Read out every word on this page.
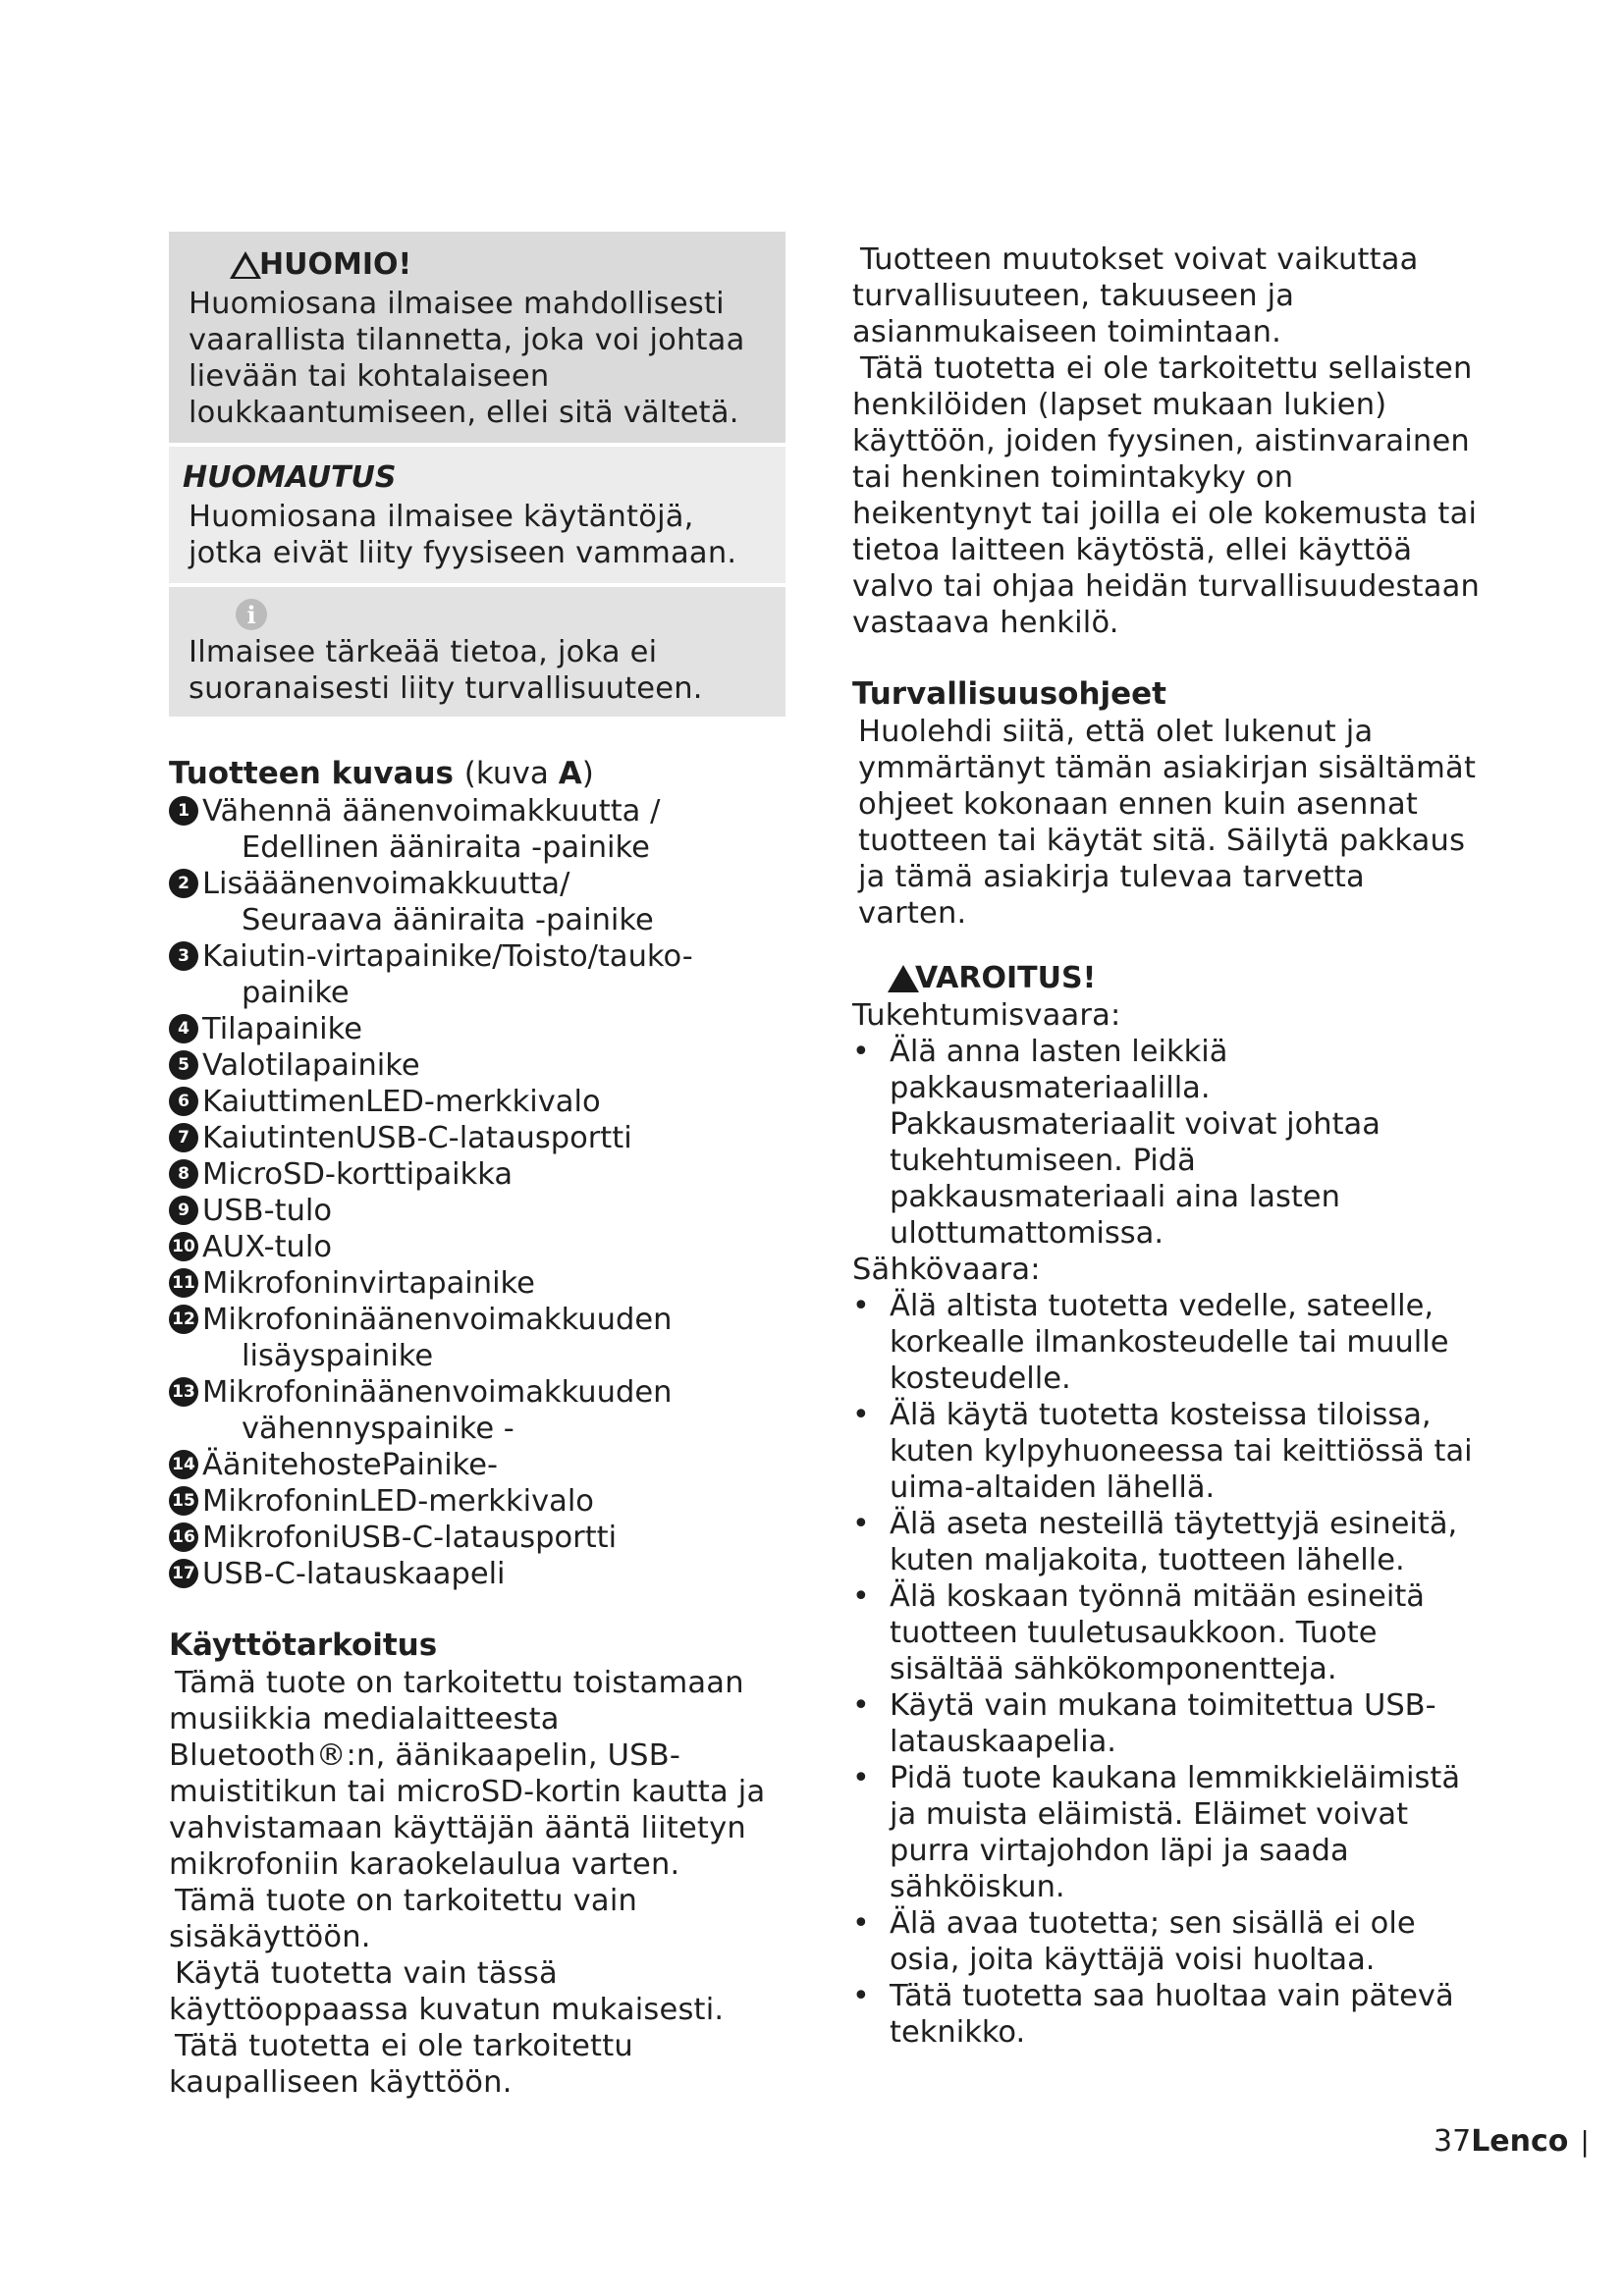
HUOMIO!

Huomiosana ilmaisee mahdollisesti vaarallista tilannetta, joka voi johtaa lievään tai kohtalaiseen loukkaantumiseen, ellei sitä vältetä.

HUOMAUTUS

Huomiosana ilmaisee käytäntöjä, jotka eivät liity fyysiseen vammaan.

i

Ilmaisee tärkeää tietoa, joka ei suoranaisesti liity turvallisuuteen.

Tuotteen kuvaus (kuva A)
1 Vähennä äänenvoimakkuutta /
Edellinen ääniraita -painike
2 Lisääänenvoimakkuutta/
Seuraava ääniraita -painike
3 Kaiutin-virtapainike/Toisto/tauko-
painike
4 Tilapainike
5 Valotilapainike
6 KaiuttimenLED-merkkivalo
7 KaiutintenUSB-C-latausportti
8 MicroSD-korttipaikka
9 USB-tulo
10 AUX-tulo
11 Mikrofoninvirtapainike
12 Mikrofoninäänenvoimakkuuden
lisäyspainike
13 Mikrofoninäänenvoimakkuuden
vähennyspainike -
14 ÄänitehostePainike-
15 MikrofoninLED-merkkivalo
16 MikrofoniUSB-C-latausportti
17 USB-C-latauskaapeli
Käyttötarkoitus

Tämä tuote on tarkoitettu toistamaan musiikkia medialaitteesta Bluetooth®:n, äänikaapelin, USB-muistitikun tai microSD-kortin kautta ja vahvistamaan käyttäjän ääntä liitetyn mikrofoniin karaokelaulua varten.

Tämä tuote on tarkoitettu vain sisäkäyttöön.

Käytä tuotetta vain tässä käyttöoppaassa kuvatun mukaisesti.

Tätä tuotetta ei ole tarkoitettu kaupalliseen käyttöön.

Tuotteen muutokset voivat vaikuttaa turvallisuuteen, takuuseen ja asianmukaiseen toimintaan.

Tätä tuotetta ei ole tarkoitettu sellaisten henkilöiden (lapset mukaan lukien) käyttöön, joiden fyysinen, aistinvarainen tai henkinen toimintakyky on heikentynyt tai joilla ei ole kokemusta tai tietoa laitteen käytöstä, ellei käyttöä valvo tai ohjaa heidän turvallisuudestaan vastaava henkilö.

Turvallisuusohjeet

Huolehdi siitä, että olet lukenut ja ymmärtänyt tämän asiakirjan sisältämät ohjeet kokonaan ennen kuin asennat tuotteen tai käytät sitä. Säilytä pakkaus ja tämä asiakirja tulevaa tarvetta varten.

VAROITUS!

Tukehtumisvaara:

• Älä anna lasten leikkiä pakkausmateriaalilla. Pakkausmateriaalit voivat johtaa tukehtumiseen. Pidä pakkausmateriaali aina lasten ulottumattomissa.

Sähkövaara:

• Älä altista tuotetta vedelle, sateelle, korkealle ilmankosteudelle tai muulle kosteudelle.
• Älä käytä tuotetta kosteissa tiloissa, kuten kylpyhuoneessa tai keittiössä tai uima-altaiden lähellä.
• Älä aseta nesteillä täytettyjä esineitä, kuten maljakoita, tuotteen lähelle.
• Älä koskaan työnnä mitään esineitä tuotteen tuuletusaukkoon. Tuote sisältää sähkökomponentteja.
• Käytä vain mukana toimitettua USB-latauskaapelia.
• Pidä tuote kaukana lemmikkieläimistä ja muista eläimistä. Eläimet voivat purra virtajohdon läpi ja saada sähköiskun.
• Älä avaa tuotetta; sen sisällä ei ole osia, joita käyttäjä voisi huoltaa.
• Tätä tuotetta saa huoltaa vain pätevä teknikko.
37 Lenco |
